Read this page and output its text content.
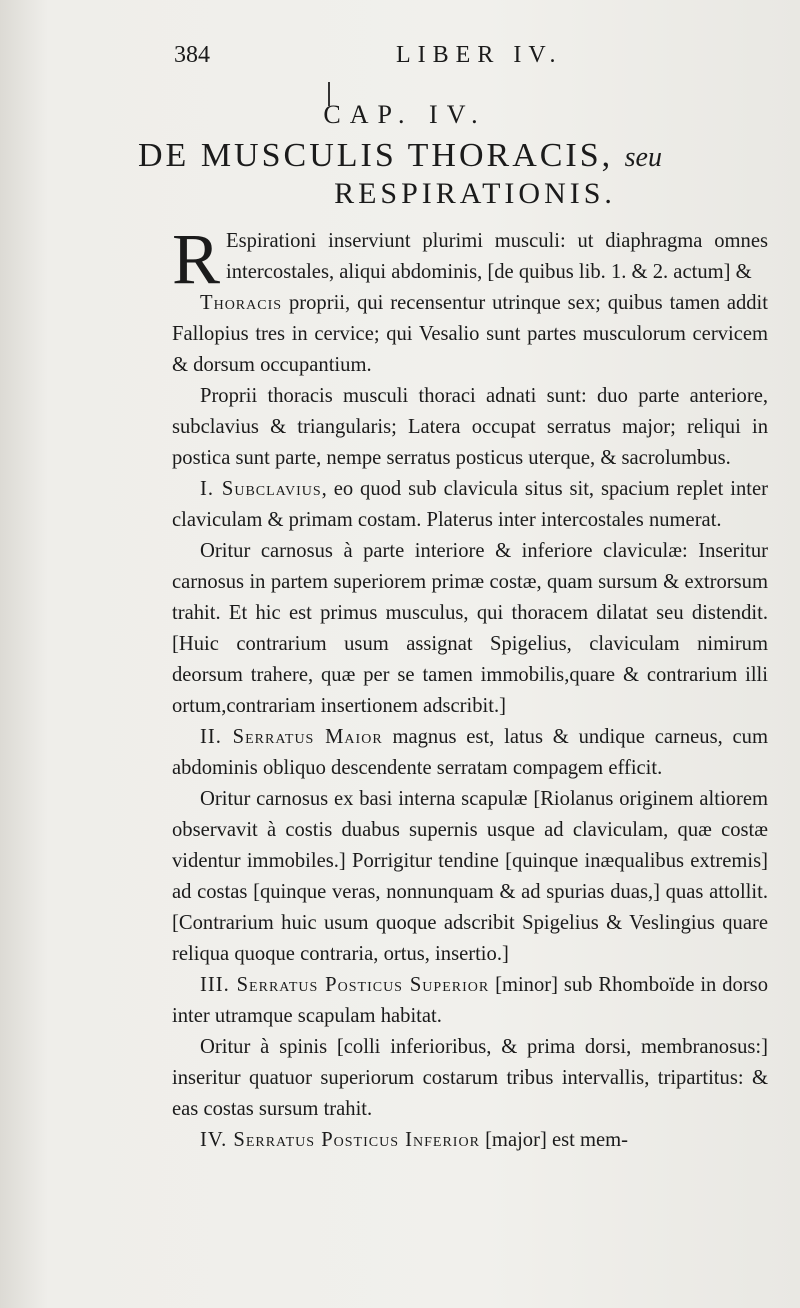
384	LIBER IV.
CAP. IV.
DE MUSCULIS THORACIS, seu
RESPIRATIONIS.

R Espirationi inserviunt plurimi musculi: ut diaphragma omnes intercostales, aliqui abdominis, [de quibus lib. 1. & 2. actum] &

Thoracis proprii, qui recensentur utrinque sex; quibus tamen addit Fallopius tres in cervice; qui Vesalio sunt partes musculorum cervicem & dorsum occupantium.

Proprii thoracis musculi thoraci adnati sunt: duo parte anteriore, subclavius & triangularis; Latera occupat serratus major; reliqui in postica sunt parte, nempe serratus posticus uterque, & sacrolumbus.

I. Subclavius, eo quod sub clavicula situs sit, spacium replet inter claviculam & primam costam. Platerus inter intercostales numerat.

Oritur carnosus à parte interiore & inferiore claviculæ: Inseritur carnosus in partem superiorem primæ costæ, quam sursum & extrorsum trahit. Et hic est primus musculus, qui thoracem dilatat seu distendit. [Huic contrarium usum assignat Spigelius, claviculam nimirum deorsum trahere, quæ per se tamen immobilis,quare & contrarium illi ortum,contrariam insertionem adscribit.]

II. Serratus Maior magnus est, latus & undique carneus, cum abdominis obliquo descendente serratam compagem efficit.

Oritur carnosus ex basi interna scapulæ [Riolanus originem altiorem observavit à costis duabus supernis usque ad claviculam, quæ costæ videntur immobiles.] Porrigitur tendine [quinque inæqualibus extremis] ad costas [quinque veras, nonnunquam & ad spurias duas,] quas attollit. [Contrarium huic usum quoque adscribit Spigelius & Veslingius quare reliqua quoque contraria, ortus, insertio.]

III. Serratus Posticus Superior [minor] sub Rhomboïde in dorso inter utramque scapulam habitat.

Oritur à spinis [colli inferioribus, & prima dorsi, membranosus:] inseritur quatuor superiorum costarum tribus intervallis, tripartitus: & eas costas sursum trahit.

IV. Serratus Posticus Inferior [major] est mem-
